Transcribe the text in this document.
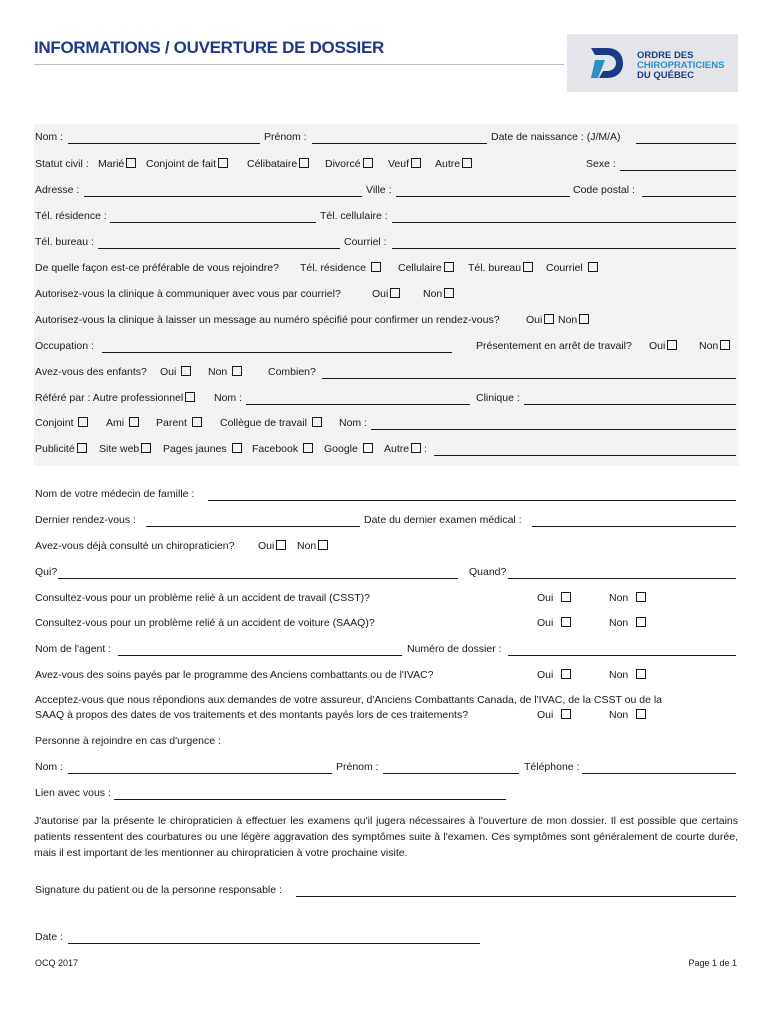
INFORMATIONS / OUVERTURE DE DOSSIER	ORDRE DES
CHIROPRATICIENS
DU QUÉBEC
Nom :	Prénom :	Date de naissance : (J/M/A)
Statut civil : Marié	Conjoint de fait	Célibataire	Divorcé	Veuf	Autre	Sexe :
Adresse :	Ville :	Code postal :
Tél. résidence :	Tél. cellulaire :
Tél. bureau :	Courriel :
De quelle façon est-ce préférable de vous rejoindre? Tél. résidence	Cellulaire	Tél. bureau	Courriel
Autorisez-vous la clinique à communiquer avec vous par courriel?	Oui	Non
Autorisez-vous la clinique à laisser un message au numéro spécifié pour confirmer un rendez-vous?	Oui	Non
Occupation :	Présentement en arrêt de travail? Oui	Non
Avez-vous des enfants? Oui	Non	Combien?
Référé par : Autre professionnel	Nom :	Clinique :
Conjoint	Ami	Parent	Collègue de travail	Nom :
Publicité	Site web	Pages jaunes	Facebook	Google	Autre :
Nom de votre médecin de famille :
Dernier rendez-vous :	Date du dernier examen médical :
Avez-vous déjà consulté un chiropraticien? Oui	Non
Qui?	Quand?
Consultez-vous pour un problème relié à un accident de travail (CSST)?	Oui	Non
Consultez-vous pour un problème relié à un accident de voiture (SAAQ)?	Oui	Non
Nom de l'agent :	Numéro de dossier :
Avez-vous des soins payés par le programme des Anciens combattants ou de l'IVAC?	Oui	Non
Acceptez-vous que nous répondions aux demandes de votre assureur, d'Anciens Combattants Canada, de l'IVAC, de la CSST ou de la
SAAQ à propos des dates de vos traitements et des montants payés lors de ces traitements?	Oui	Non
Personne à rejoindre en cas d'urgence :
Nom :	Prénom :	Téléphone :
Lien avec vous :
J'autorise par la présente le chiropraticien à effectuer les examens qu'il jugera nécessaires à l'ouverture de mon dossier. Il est possible que certains patients ressentent des courbatures ou une légère aggravation des symptômes suite à l'examen. Ces symptômes sont généralement de courte durée, mais il est important de les mentionner au chiropraticien à votre prochaine visite.
Signature du patient ou de la personne responsable :
Date :
OCQ 2017	Page 1 de 1
